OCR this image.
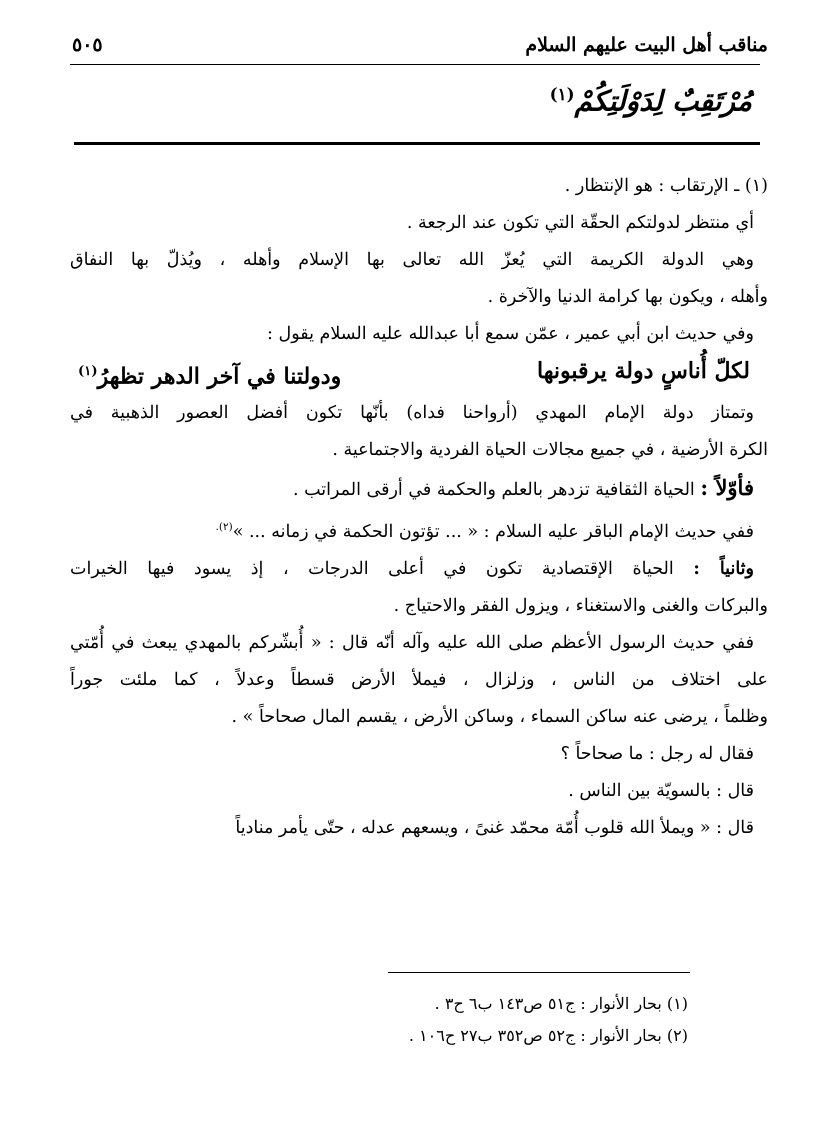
مناقب أهل البيت عليهم السلام
٥٠٥
مُرْتَقِبٌ لِدَوْلَتِكُمْ$^{(١)}$
(١) ـ الإرتقاب : هو الإنتظار .
أي منتظر لدولتكم الحقّة التي تكون عند الرجعة .
وهي الدولة الكريمة التي يُعزّ الله تعالى بها الإسلام وأهله ، ويُذلّ بها النفاق
وأهله ، ويكون بها كرامة الدنيا والآخرة .
وفي حديث ابن أبي عمير ، عمّن سمع أبا عبدالله عليه السلام يقول :
لكلّ أُناسٍ دولة يرقبونها
ودولتنا في آخر الدهر تظهرُ$^{(١)}$
وتمتاز دولة الإمام المهدي (أرواحنا فداه) بأنّها تكون أفضل العصور الذهبية في
الكرة الأرضية ، في جميع مجالات الحياة الفردية والاجتماعية .
فأوّلاً : الحياة الثقافية تزدهر بالعلم والحكمة في أرقى المراتب .
ففي حديث الإمام الباقر عليه السلام : « ... تؤتون الحكمة في زمانه ... »$^{(٢).}$
وثانياً : الحياة الإقتصادية تكون في أعلى الدرجات ، إذ يسود فيها الخيرات
والبركات والغنى والاستغناء ، ويزول الفقر والاحتياج .
ففي حديث الرسول الأعظم صلى الله عليه وآله أنّه قال : « أُبشّركم بالمهدي يبعث في أُمّتي
على اختلاف من الناس ، وزلزال ، فيملأ الأرض قسطاً وعدلاً ، كما ملئت جوراً
وظلماً ، يرضى عنه ساكن السماء ، وساكن الأرض ، يقسم المال صحاحاً » .
فقال له رجل : ما صحاحاً ؟
قال : بالسويّة بين الناس .
قال : « ويملأ الله قلوب أُمّة محمّد غنىً ، ويسعهم عدله ، حتّى يأمر منادياً
(١) بحار الأنوار : ج٥١ ص١٤٣ ب٦ ح٣ .
(٢) بحار الأنوار : ج٥٢ ص٣٥٢ ب٢٧ ح١٠٦ .
